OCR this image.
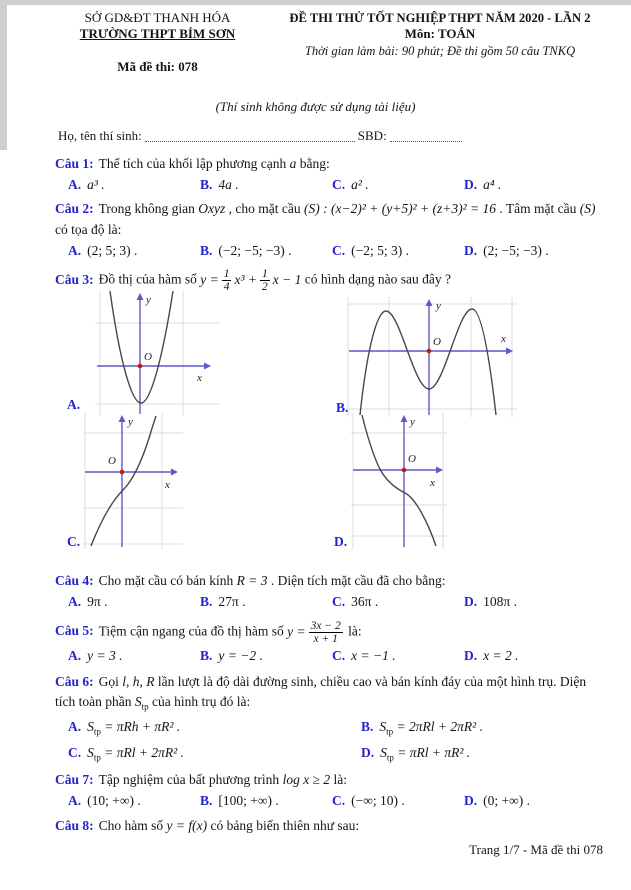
SỞ GD&ĐT THANH HÓA
TRƯỜNG THPT BỈM SƠN
Mã đề thi: 078
ĐỀ THI THỬ TỐT NGHIỆP THPT NĂM 2020 - LẦN 2
Môn: TOÁN
Thời gian làm bài: 90 phút; Đề thi gồm 50 câu TNKQ
(Thí sinh không được sử dụng tài liệu)
Họ, tên thí sinh:	SBD:
Câu 1: Thể tích của khối lập phương cạnh a bằng:
A. a³ .	B. 4a .	C. a² .	D. a⁴ .
Câu 2: Trong không gian Oxyz , cho mặt cầu (S) : (x−2)² + (y+5)² + (z+3)² = 16 . Tâm mặt cầu (S) có tọa độ là:
A. (2; 5; 3) .	B. (−2; −5; −3) .	C. (−2; 5; 3) .	D. (2; −5; −3) .
Câu 3: Đồ thị của hàm số $y = \frac{1}{4} x^3 + \frac{1}{2}$ x − 1 có hình dạng nào sau đây ?
O
y
x
A.
O
y
x
B.
O
y
x
C.
O
y
x
D.
Câu 4: Cho mặt cầu có bán kính R = 3 . Diện tích mặt cầu đã cho bằng:
A. 9π .	B. 27π .	C. 36π .	D. 108π .
Câu 5: Tiệm cận ngang của đồ thị hàm số $y = \frac{3x - 2}{x + 1}$ là:
A. y = 3 .	B. y = −2 .	C. x = −1 .	D. x = 2 .
Câu 6: Gọi l, h, R lần lượt là độ dài đường sinh, chiều cao và bán kính đáy của một hình trụ. Diện tích toàn phần $S_{tp}$ của hình trụ đó là:
A. $S_{tp} = \pi Rh + \pi R^2$ .	B. $S_{tp} = 2\pi Rl + 2\pi R^2$ .
C. $S_{tp} = \pi Rl + 2\pi R^2$ .	D. $S_{tp} = \pi Rl + \pi R^2$ .
Câu 7: Tập nghiệm của bất phương trình log x ≥ 2 là:
A. (10; +∞) .	B. [100; +∞) .	C. (−∞; 10) .	D. (0; +∞) .
Câu 8: Cho hàm số y = f(x) có bảng biến thiên như sau:
Trang 1/7 - Mã đề thi 078
